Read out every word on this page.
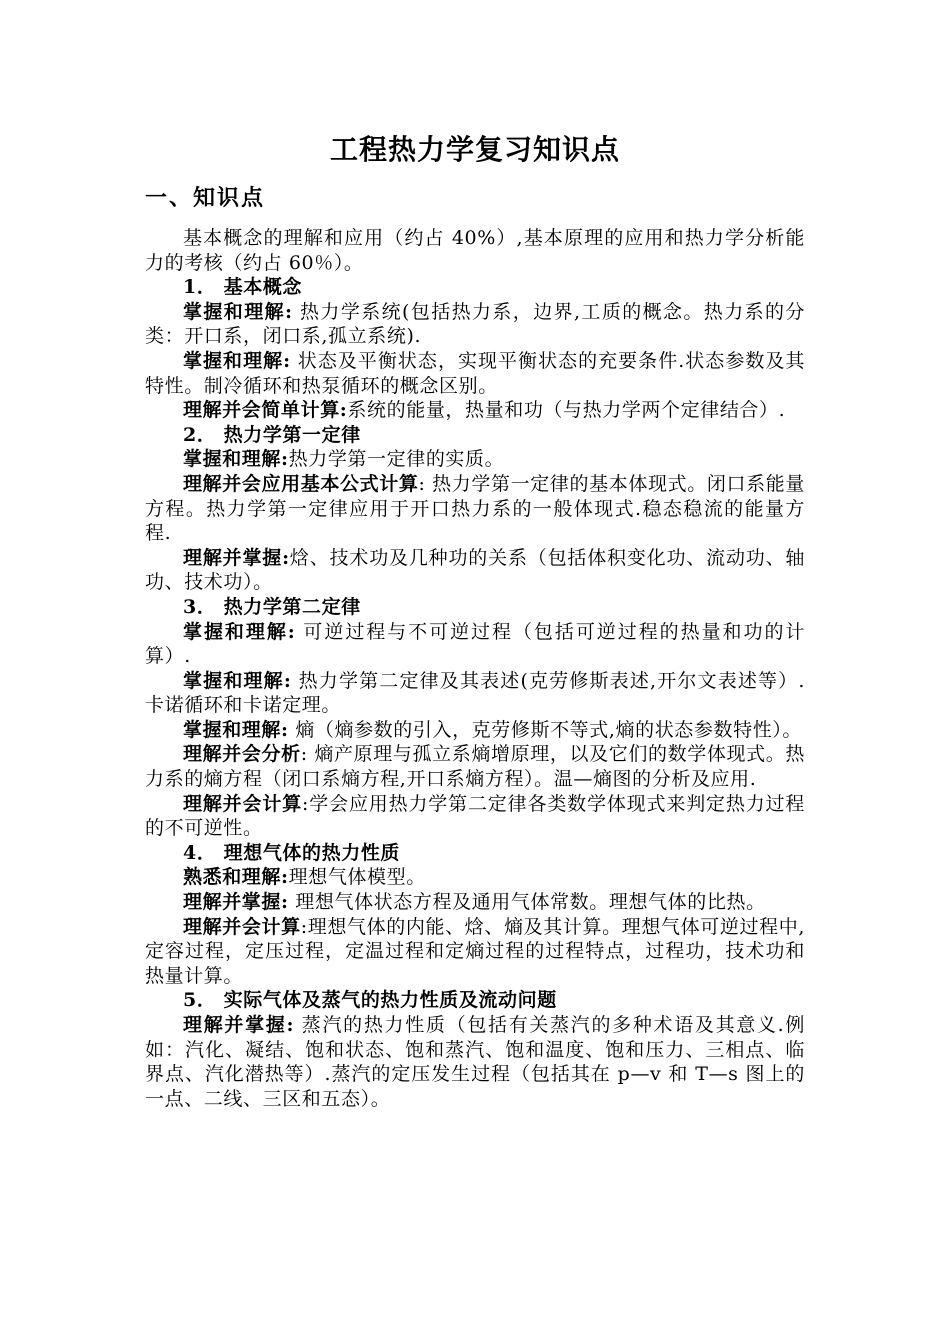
工程热力学复习知识点
一、知识点

基本概念的理解和应用（约占 40%）,基本原理的应用和热力学分析能力的考核（约占 60％）。

1． 基本概念

掌握和理解: 热力学系统(包括热力系，边界,工质的概念。热力系的分类：开口系，闭口系,孤立系统).

掌握和理解: 状态及平衡状态，实现平衡状态的充要条件.状态参数及其特性。制冷循环和热泵循环的概念区别。

理解并会简单计算:系统的能量，热量和功（与热力学两个定律结合）.

2． 热力学第一定律

掌握和理解:热力学第一定律的实质。

理解并会应用基本公式计算: 热力学第一定律的基本体现式。闭口系能量方程。热力学第一定律应用于开口热力系的一般体现式.稳态稳流的能量方程.

理解并掌握:焓、技术功及几种功的关系（包括体积变化功、流动功、轴功、技术功）。

3． 热力学第二定律

掌握和理解: 可逆过程与不可逆过程（包括可逆过程的热量和功的计算）.

掌握和理解: 热力学第二定律及其表述(克劳修斯表述,开尔文表述等）.卡诺循环和卡诺定理。

掌握和理解: 熵（熵参数的引入，克劳修斯不等式,熵的状态参数特性）。

理解并会分析: 熵产原理与孤立系熵增原理，以及它们的数学体现式。热力系的熵方程（闭口系熵方程,开口系熵方程）。温—熵图的分析及应用.

理解并会计算:学会应用热力学第二定律各类数学体现式来判定热力过程的不可逆性。

4． 理想气体的热力性质

熟悉和理解:理想气体模型。

理解并掌握: 理想气体状态方程及通用气体常数。理想气体的比热。

理解并会计算:理想气体的内能、焓、熵及其计算。理想气体可逆过程中,定容过程，定压过程，定温过程和定熵过程的过程特点，过程功，技术功和热量计算。

5． 实际气体及蒸气的热力性质及流动问题

理解并掌握: 蒸汽的热力性质（包括有关蒸汽的多种术语及其意义.例如：汽化、凝结、饱和状态、饱和蒸汽、饱和温度、饱和压力、三相点、临界点、汽化潜热等）.蒸汽的定压发生过程（包括其在 p—v 和 T—s 图上的一点、二线、三区和五态）。
